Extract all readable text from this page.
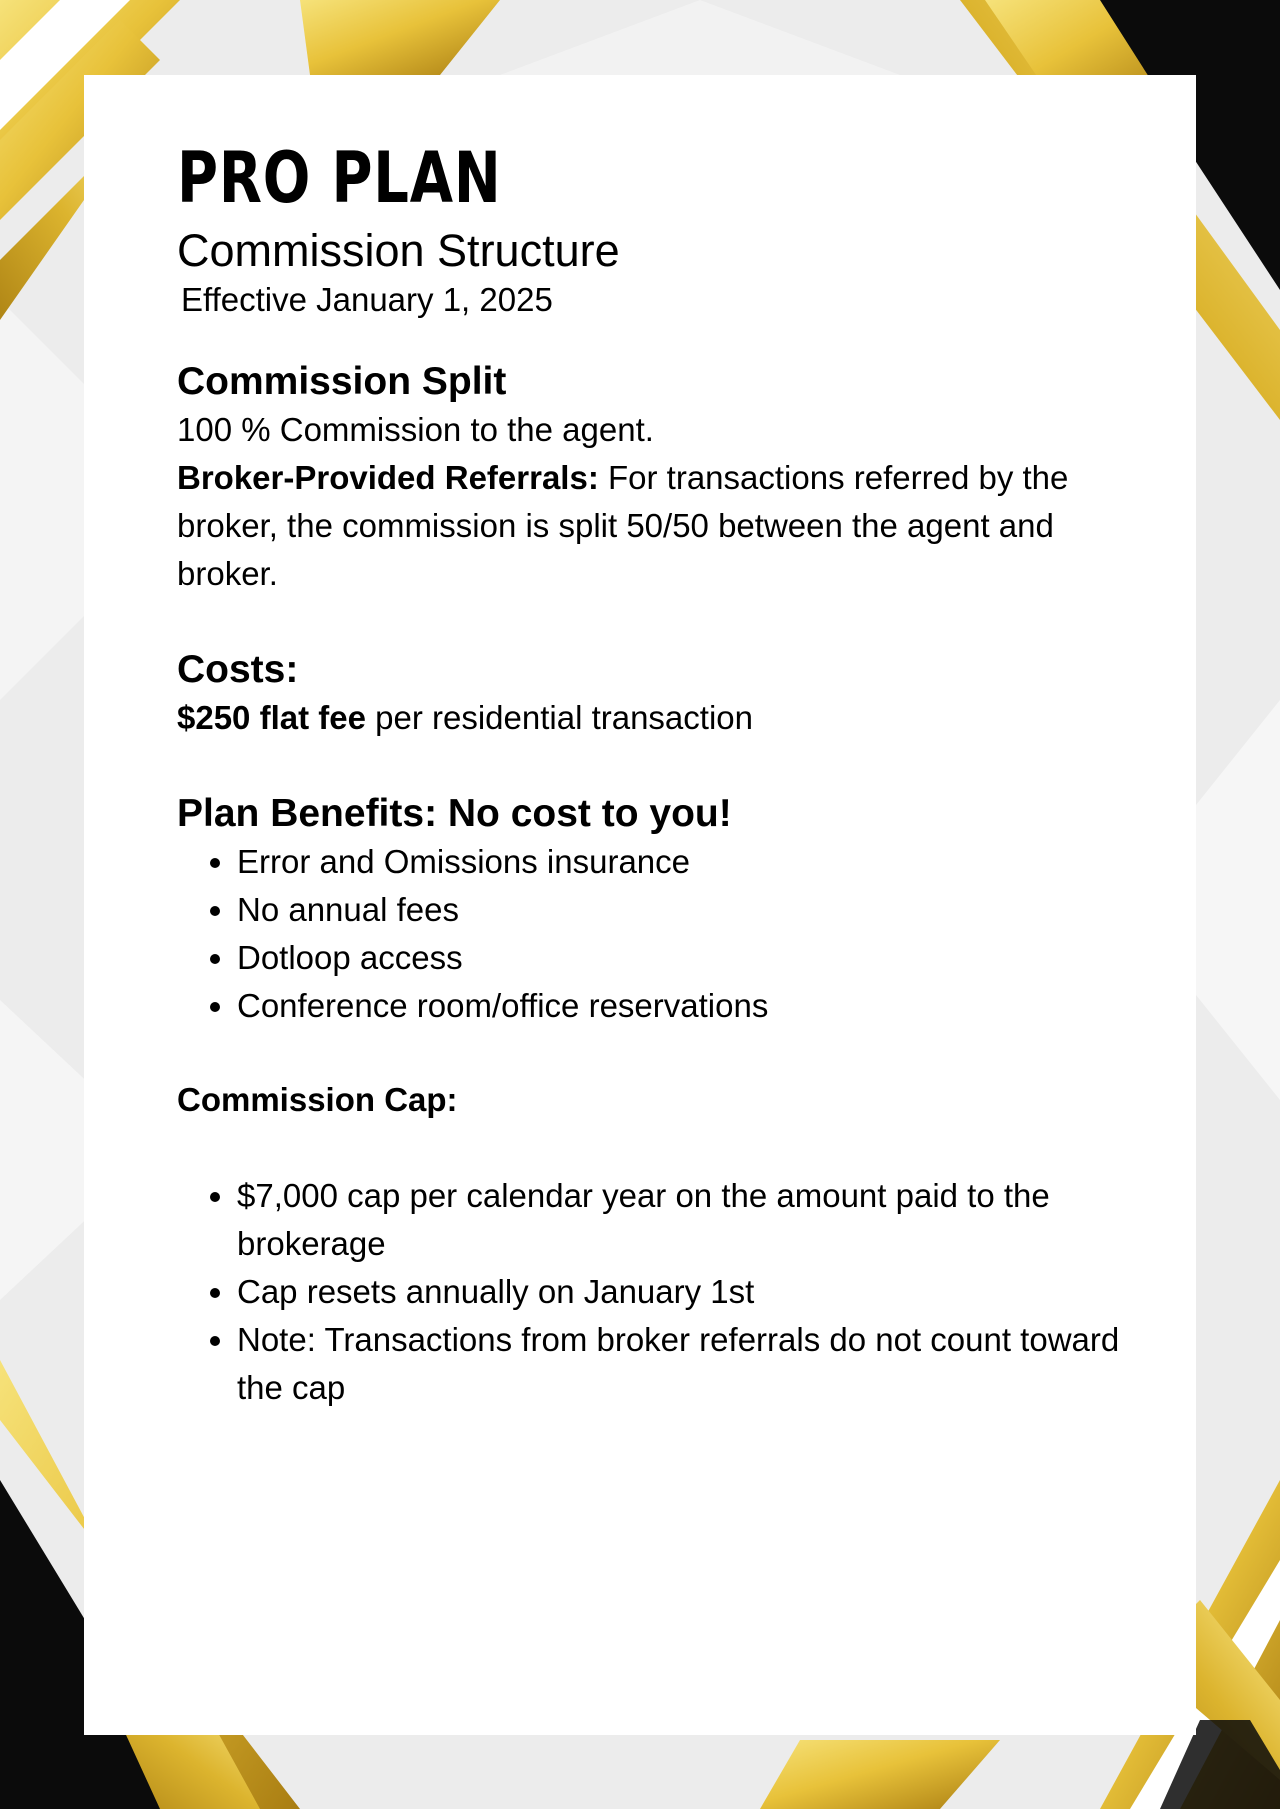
PRO PLAN
Commission Structure
Effective January 1, 2025
Commission Split

100 % Commission to the agent.

Broker-Provided Referrals: For transactions referred by the broker, the commission is split 50/50 between the agent and broker.

Costs:

$250 flat fee per residential transaction

Plan Benefits: No cost to you!
• Error and Omissions insurance
• No annual fees
• Dotloop access
• Conference room/office reservations
Commission Cap:
• $7,000 cap per calendar year on the amount paid to the brokerage
• Cap resets annually on January 1st
• Note: Transactions from broker referrals do not count toward the cap
